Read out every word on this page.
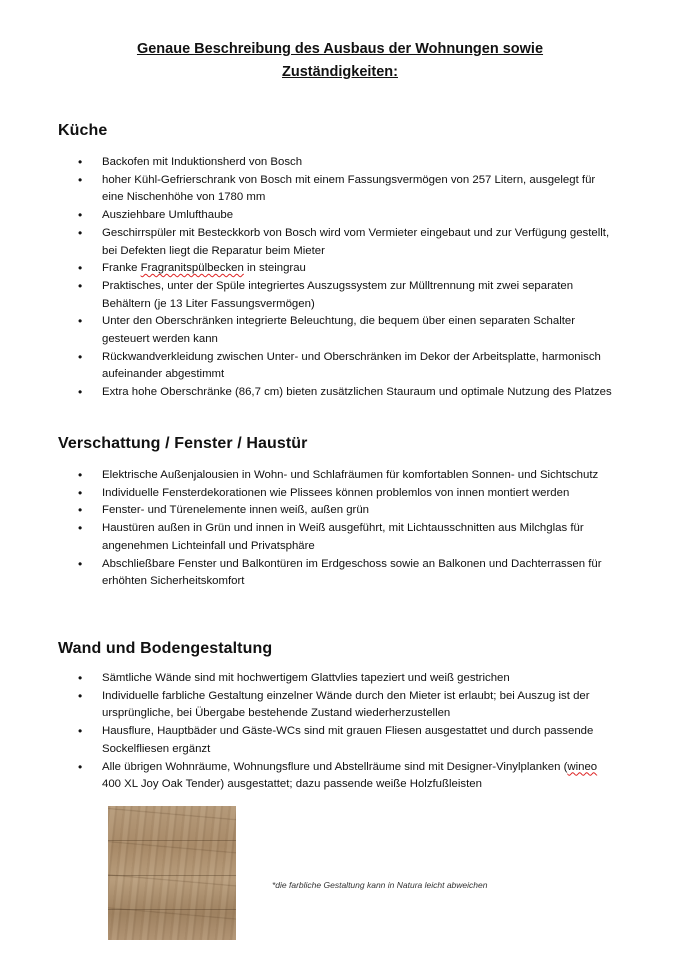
Genaue Beschreibung des Ausbaus der Wohnungen sowie
Zuständigkeiten:
Küche
• Backofen mit Induktionsherd von Bosch
• hoher Kühl-Gefrierschrank von Bosch mit einem Fassungsvermögen von 257 Litern, ausgelegt für eine Nischenhöhe von 1780 mm
• Ausziehbare Umlufthaube
• Geschirrspüler mit Besteckkorb von Bosch wird vom Vermieter eingebaut und zur Verfügung gestellt, bei Defekten liegt die Reparatur beim Mieter
• Franke Fragranitspülbecken in steingrau
• Praktisches, unter der Spüle integriertes Auszugssystem zur Mülltrennung mit zwei separaten Behältern (je 13 Liter Fassungsvermögen)
• Unter den Oberschränken integrierte Beleuchtung, die bequem über einen separaten Schalter gesteuert werden kann
• Rückwandverkleidung zwischen Unter- und Oberschränken im Dekor der Arbeitsplatte, harmonisch aufeinander abgestimmt
• Extra hohe Oberschränke (86,7 cm) bieten zusätzlichen Stauraum und optimale Nutzung des Platzes
Verschattung / Fenster / Haustür
• Elektrische Außenjalousien in Wohn- und Schlafräumen für komfortablen Sonnen- und Sichtschutz
• Individuelle Fensterdekorationen wie Plissees können problemlos von innen montiert werden
• Fenster- und Türenelemente innen weiß, außen grün
• Haustüren außen in Grün und innen in Weiß ausgeführt, mit Lichtausschnitten aus Milchglas für angenehmen Lichteinfall und Privatsphäre
• Abschließbare Fenster und Balkontüren im Erdgeschoss sowie an Balkonen und Dachterrassen für erhöhten Sicherheitskomfort
Wand und Bodengestaltung
• Sämtliche Wände sind mit hochwertigem Glattvlies tapeziert und weiß gestrichen
• Individuelle farbliche Gestaltung einzelner Wände durch den Mieter ist erlaubt; bei Auszug ist der ursprüngliche, bei Übergabe bestehende Zustand wiederherzustellen
• Hausflure, Hauptbäder und Gäste-WCs sind mit grauen Fliesen ausgestattet und durch passende Sockelfliesen ergänzt
• Alle übrigen Wohnräume, Wohnungsflure und Abstellräume sind mit Designer-Vinylplanken (wineo 400 XL Joy Oak Tender) ausgestattet; dazu passende weiße Holzfußleisten
*die farbliche Gestaltung kann in Natura leicht abweichen
